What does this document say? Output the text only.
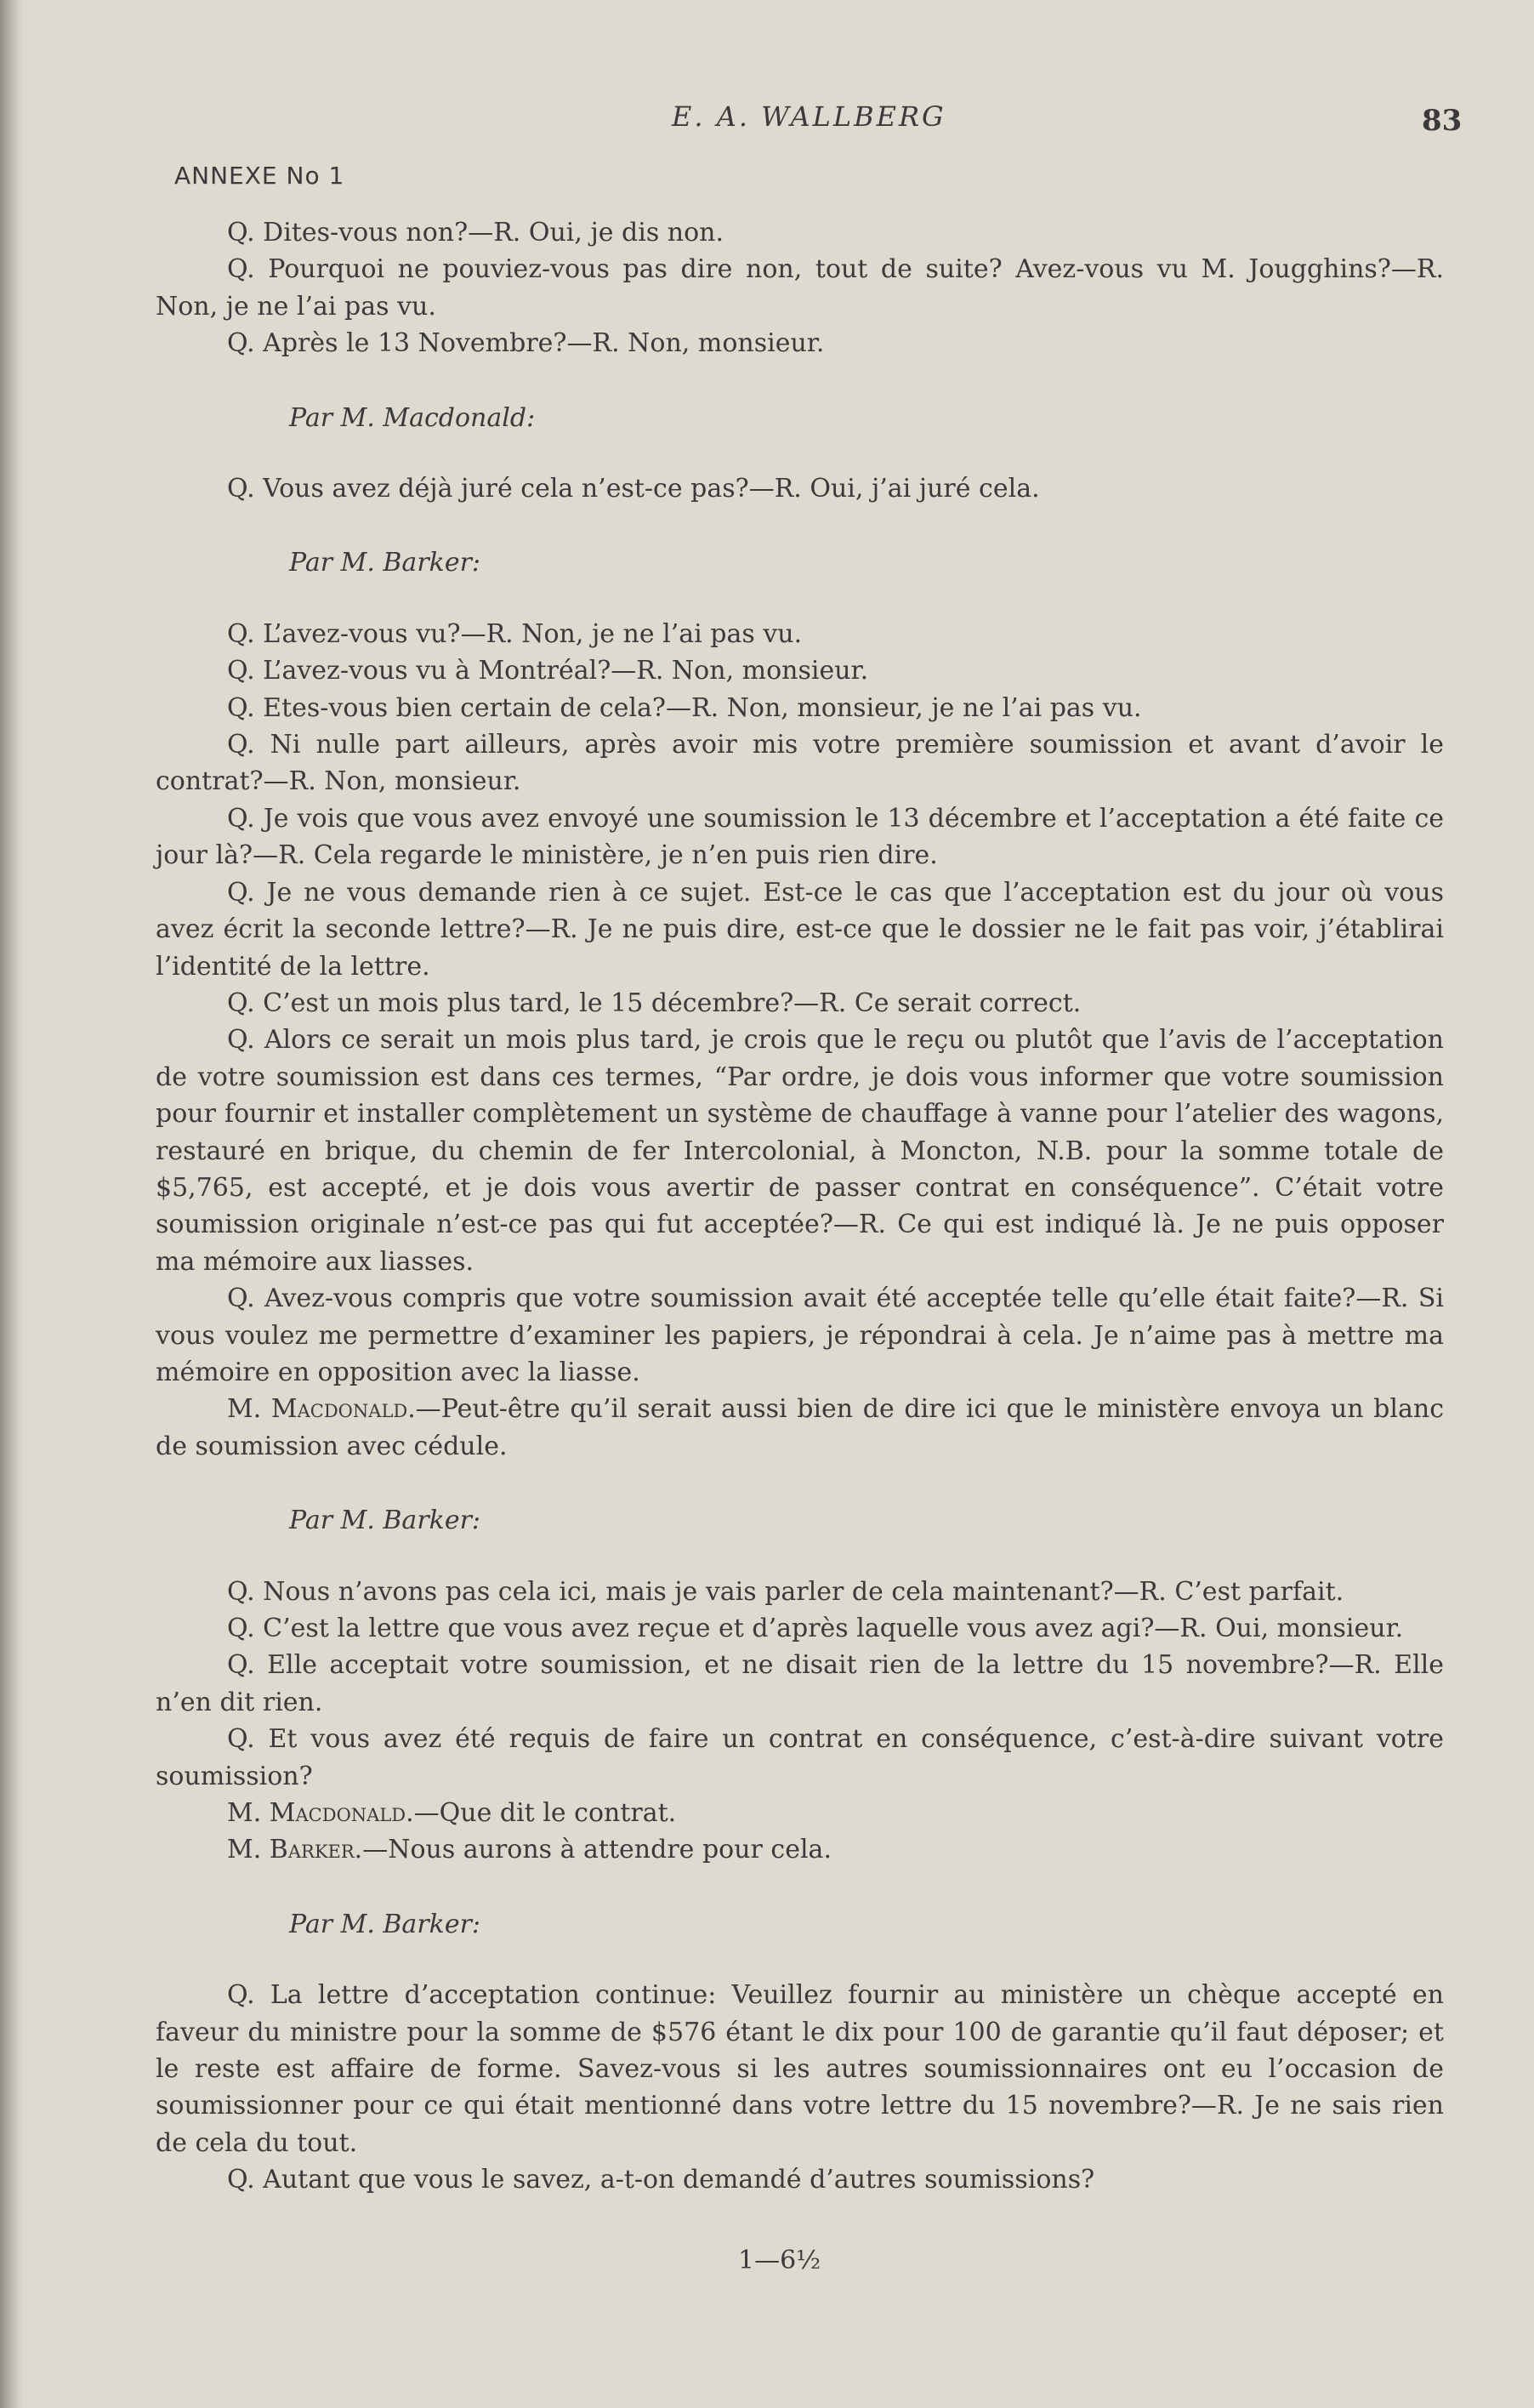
E. A. WALLBERG	83
ANNEXE No 1

Q. Dites-vous non?—R. Oui, je dis non.

Q. Pourquoi ne pouviez-vous pas dire non, tout de suite? Avez-vous vu M. Jougghins?—R. Non, je ne l’ai pas vu.

Q. Après le 13 Novembre?—R. Non, monsieur.

Par M. Macdonald:

Q. Vous avez déjà juré cela n’est-ce pas?—R. Oui, j’ai juré cela.

Par M. Barker:

Q. L’avez-vous vu?—R. Non, je ne l’ai pas vu.

Q. L’avez-vous vu à Montréal?—R. Non, monsieur.

Q. Etes-vous bien certain de cela?—R. Non, monsieur, je ne l’ai pas vu.

Q. Ni nulle part ailleurs, après avoir mis votre première soumission et avant d’avoir le contrat?—R. Non, monsieur.

Q. Je vois que vous avez envoyé une soumission le 13 décembre et l’acceptation a été faite ce jour là?—R. Cela regarde le ministère, je n’en puis rien dire.

Q. Je ne vous demande rien à ce sujet. Est-ce le cas que l’acceptation est du jour où vous avez écrit la seconde lettre?—R. Je ne puis dire, est-ce que le dossier ne le fait pas voir, j’établirai l’identité de la lettre.

Q. C’est un mois plus tard, le 15 décembre?—R. Ce serait correct.

Q. Alors ce serait un mois plus tard, je crois que le reçu ou plutôt que l’avis de l’acceptation de votre soumission est dans ces termes, “Par ordre, je dois vous informer que votre soumission pour fournir et installer complètement un système de chauffage à vanne pour l’atelier des wagons, restauré en brique, du chemin de fer Intercolonial, à Moncton, N.B. pour la somme totale de $5,765, est accepté, et je dois vous avertir de passer contrat en conséquence”. C’était votre soumission originale n’est-ce pas qui fut acceptée?—R. Ce qui est indiqué là. Je ne puis opposer ma mémoire aux liasses.

Q. Avez-vous compris que votre soumission avait été acceptée telle qu’elle était faite?—R. Si vous voulez me permettre d’examiner les papiers, je répondrai à cela. Je n’aime pas à mettre ma mémoire en opposition avec la liasse.

M. Macdonald.—Peut-être qu’il serait aussi bien de dire ici que le ministère envoya un blanc de soumission avec cédule.

Par M. Barker:

Q. Nous n’avons pas cela ici, mais je vais parler de cela maintenant?—R. C’est parfait.

Q. C’est la lettre que vous avez reçue et d’après laquelle vous avez agi?—R. Oui, monsieur.

Q. Elle acceptait votre soumission, et ne disait rien de la lettre du 15 novembre?—R. Elle n’en dit rien.

Q. Et vous avez été requis de faire un contrat en conséquence, c’est-à-dire suivant votre soumission?

M. Macdonald.—Que dit le contrat.

M. Barker.—Nous aurons à attendre pour cela.

Par M. Barker:

Q. La lettre d’acceptation continue: Veuillez fournir au ministère un chèque accepté en faveur du ministre pour la somme de $576 étant le dix pour 100 de garantie qu’il faut déposer; et le reste est affaire de forme. Savez-vous si les autres soumissionnaires ont eu l’occasion de soumissionner pour ce qui était mentionné dans votre lettre du 15 novembre?—R. Je ne sais rien de cela du tout.

Q. Autant que vous le savez, a-t-on demandé d’autres soumissions?

1—6½
